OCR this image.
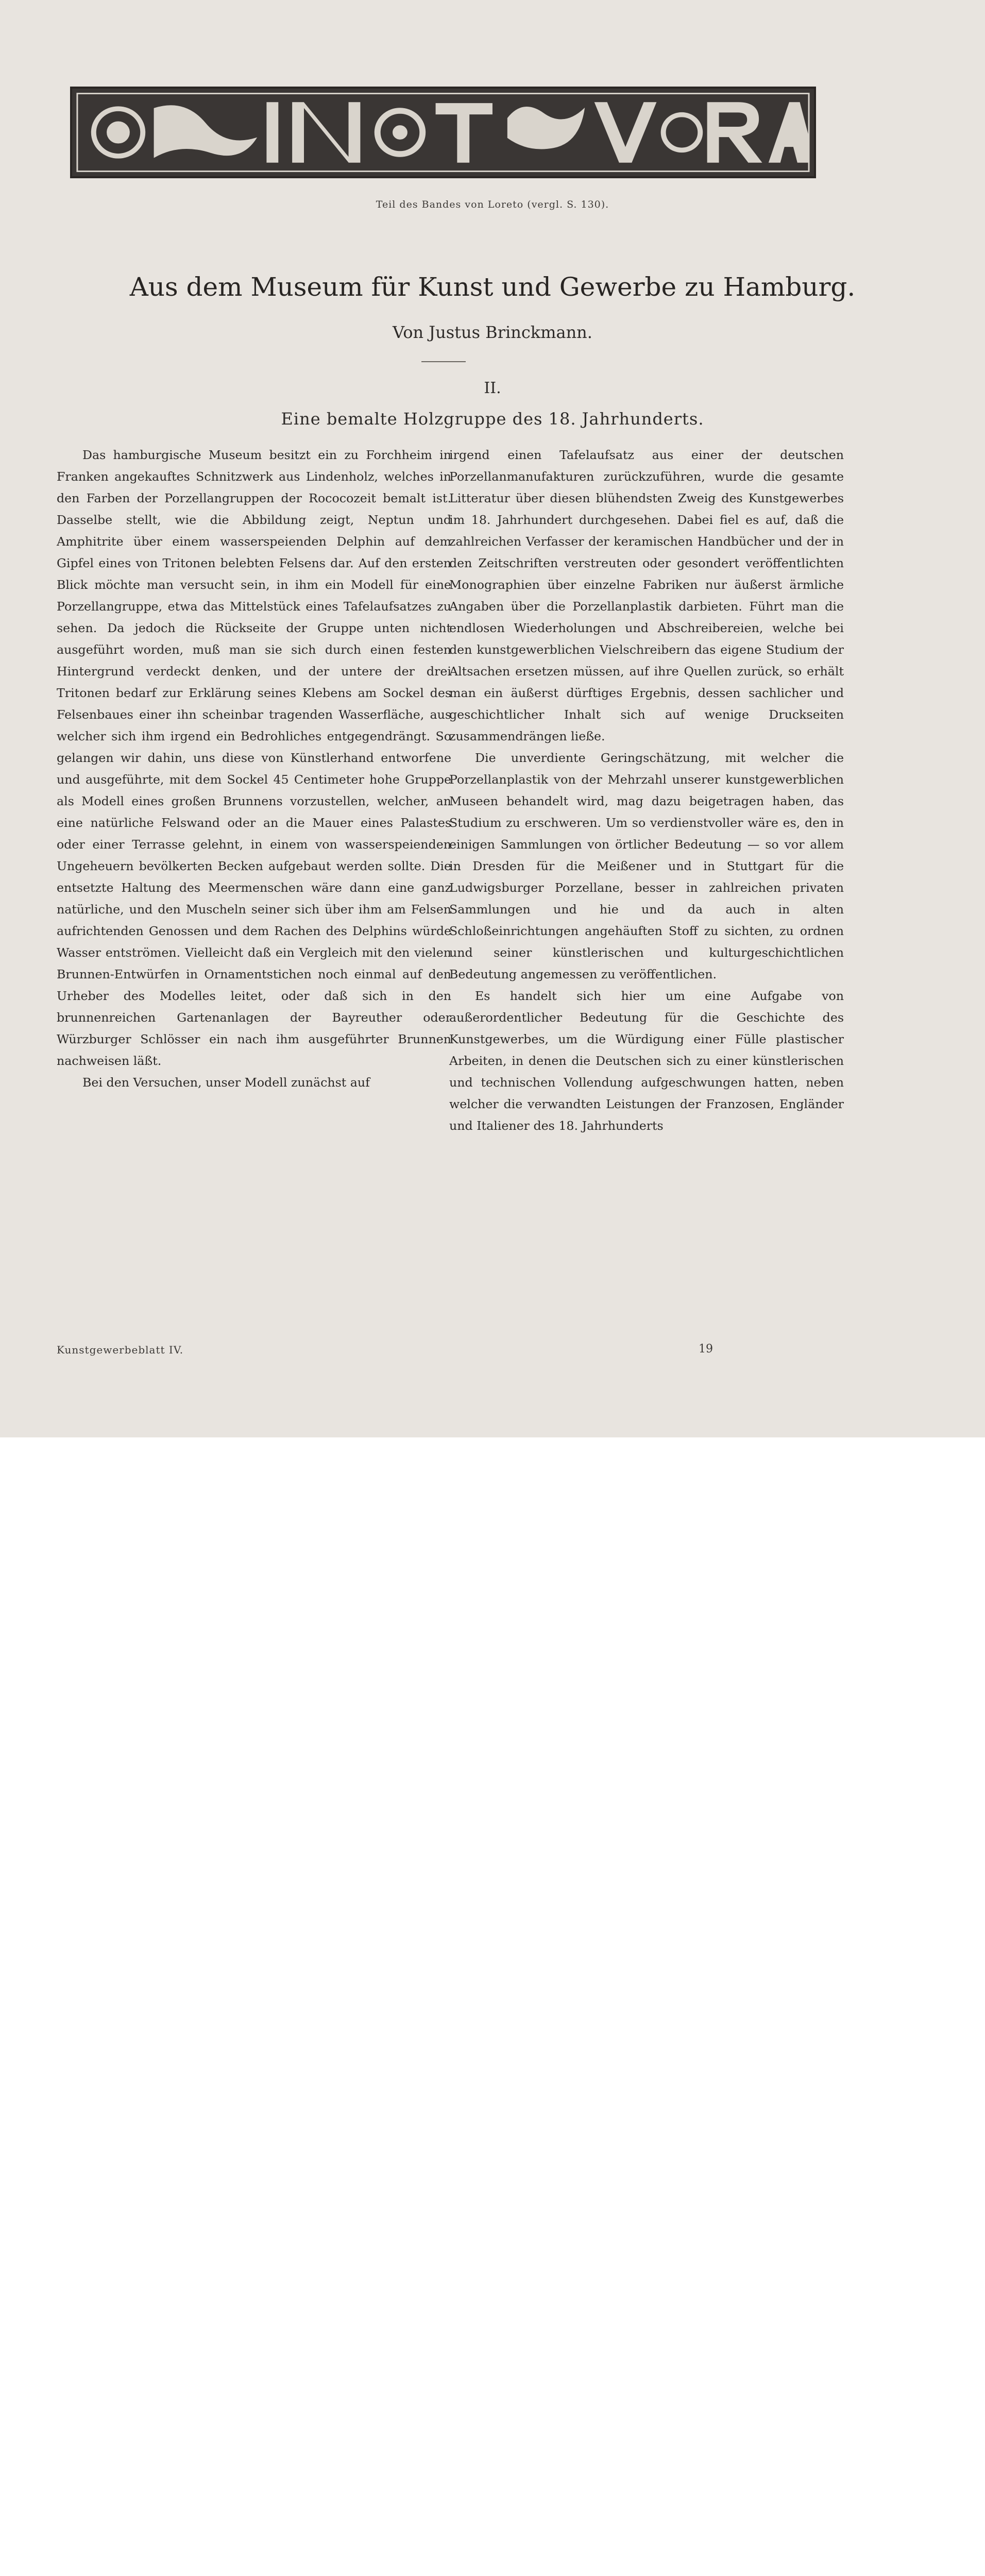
Teil des Bandes von Loreto (vergl. S. 130).
Aus dem Museum für Kunst und Gewerbe zu Hamburg.
Von Justus Brinckmann.
II.
Eine bemalte Holzgruppe des 18. Jahrhunderts.

Das hamburgische Museum besitzt ein zu Forchheim in Franken angekauftes Schnitzwerk aus Lindenholz, welches in den Farben der Porzellangruppen der Rococozeit bemalt ist. Dasselbe stellt, wie die Abbildung zeigt, Neptun und Amphitrite über einem wasserspeienden Delphin auf dem Gipfel eines von Tritonen belebten Felsens dar. Auf den ersten Blick möchte man versucht sein, in ihm ein Modell für eine Porzellangruppe, etwa das Mittelstück eines Tafelaufsatzes zu sehen. Da jedoch die Rückseite der Gruppe unten nicht ausgeführt worden, muß man sie sich durch einen festen Hintergrund verdeckt denken, und der untere der drei Tritonen bedarf zur Erklärung seines Klebens am Sockel des Felsenbaues einer ihn scheinbar tragenden Wasserfläche, aus welcher sich ihm irgend ein Bedrohliches entgegendrängt. So gelangen wir dahin, uns diese von Künstlerhand entworfene und ausgeführte, mit dem Sockel 45 Centimeter hohe Gruppe als Modell eines großen Brunnens vorzustellen, welcher, an eine natürliche Felswand oder an die Mauer eines Palastes oder einer Terrasse gelehnt, in einem von wasserspeienden Ungeheuern bevölkerten Becken aufgebaut werden sollte. Die entsetzte Haltung des Meermenschen wäre dann eine ganz natürliche, und den Muscheln seiner sich über ihm am Felsen aufrichtenden Genossen und dem Rachen des Delphins würde Wasser entströmen. Vielleicht daß ein Vergleich mit den vielen Brunnen-Entwürfen in Ornamentstichen noch einmal auf den Urheber des Modelles leitet, oder daß sich in den brunnenreichen Gartenanlagen der Bayreuther oder Würzburger Schlösser ein nach ihm ausgeführter Brunnen nachweisen läßt.

Bei den Versuchen, unser Modell zunächst auf

irgend einen Tafelaufsatz aus einer der deutschen Porzellanmanufakturen zurückzuführen, wurde die gesamte Litteratur über diesen blühendsten Zweig des Kunstgewerbes im 18. Jahrhundert durchgesehen. Dabei fiel es auf, daß die zahlreichen Verfasser der keramischen Handbücher und der in den Zeitschriften verstreuten oder gesondert veröffentlichten Monographien über einzelne Fabriken nur äußerst ärmliche Angaben über die Porzellanplastik darbieten. Führt man die endlosen Wiederholungen und Abschreibereien, welche bei den kunstgewerblichen Vielschreibern das eigene Studium der Altsachen ersetzen müssen, auf ihre Quellen zurück, so erhält man ein äußerst dürftiges Ergebnis, dessen sachlicher und geschichtlicher Inhalt sich auf wenige Druckseiten zusammendrängen ließe.

Die unverdiente Geringschätzung, mit welcher die Porzellanplastik von der Mehrzahl unserer kunstgewerblichen Museen behandelt wird, mag dazu beigetragen haben, das Studium zu erschweren. Um so verdienstvoller wäre es, den in einigen Sammlungen von örtlicher Bedeutung — so vor allem in Dresden für die Meißener und in Stuttgart für die Ludwigsburger Porzellane, besser in zahlreichen privaten Sammlungen und hie und da auch in alten Schloßeinrichtungen angehäuften Stoff zu sichten, zu ordnen und seiner künstlerischen und kulturgeschichtlichen Bedeutung angemessen zu veröffentlichen.

Es handelt sich hier um eine Aufgabe von außerordentlicher Bedeutung für die Geschichte des Kunstgewerbes, um die Würdigung einer Fülle plastischer Arbeiten, in denen die Deutschen sich zu einer künstlerischen und technischen Vollendung aufgeschwungen hatten, neben welcher die verwandten Leistungen der Franzosen, Engländer und Italiener des 18. Jahrhunderts

Kunstgewerbeblatt IV.	19
